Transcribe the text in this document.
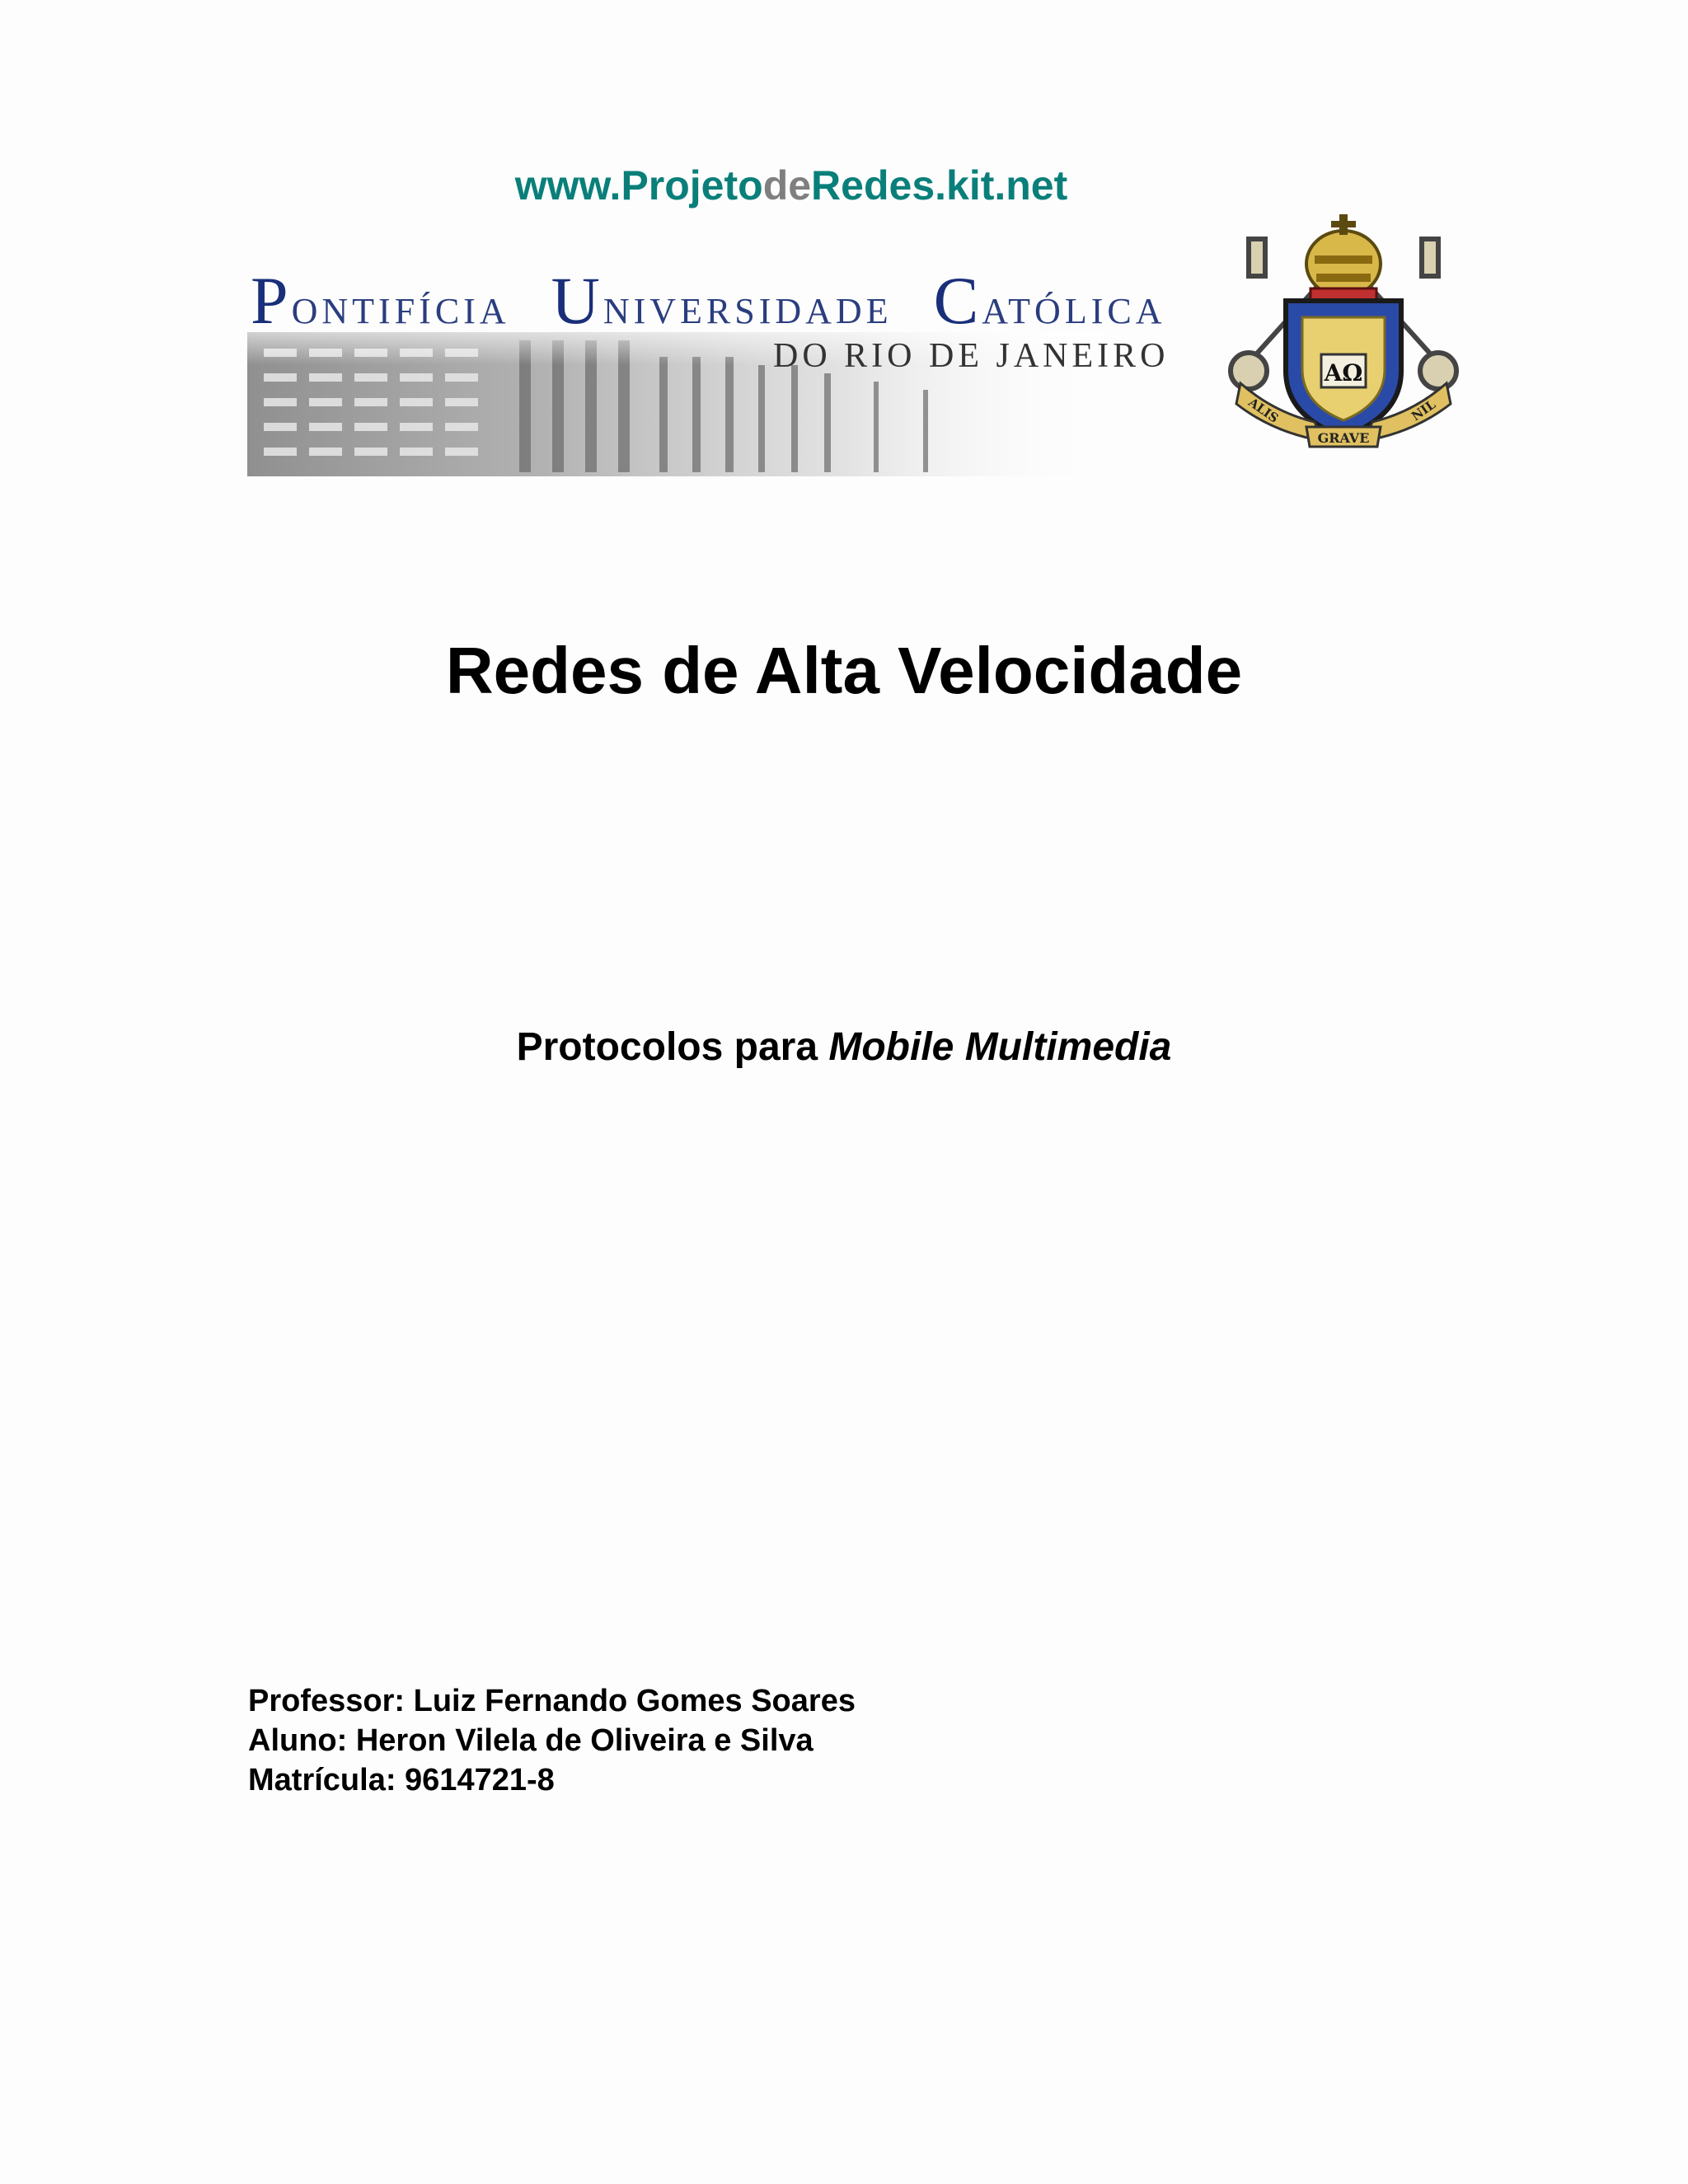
www.ProjetodeRedes.kit.net
PONTIFÍCIA UNIVERSIDADE CATÓLICA
DO RIO DE JANEIRO	ΑΩ
GRAVE
ALIS	NIL
Redes de Alta Velocidade
Protocolos para Mobile Multimedia
Professor: Luiz Fernando Gomes Soares
Aluno: Heron Vilela de Oliveira e Silva
Matrícula: 9614721-8
